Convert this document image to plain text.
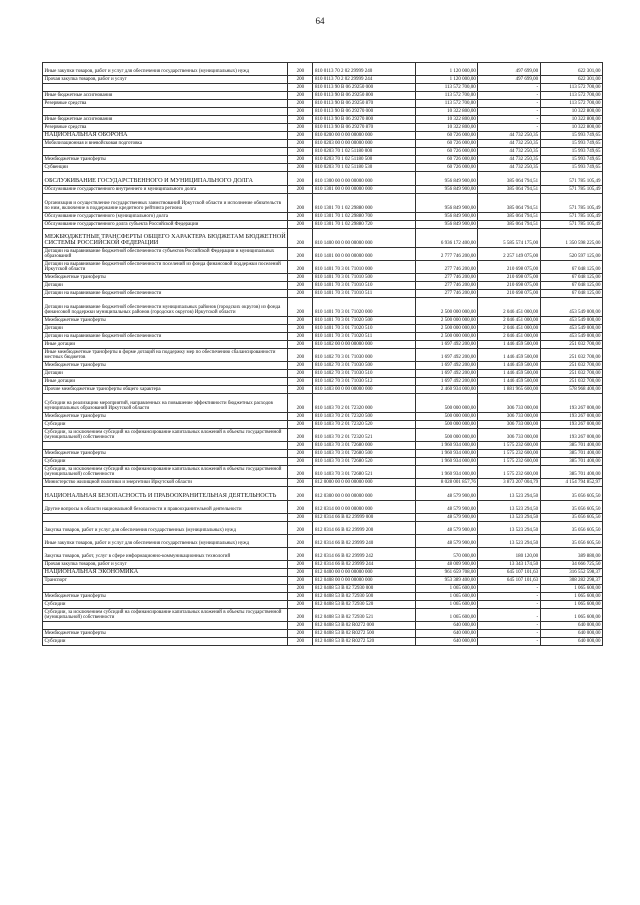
64
Иные закупки товаров, работ и услуг для обеспечения государственных (муниципальных) нужд	200	810 0113 70 2 02 29999 240	1 120 000,00	497 699,00	622 301,00
Прочая закупка товаров, работ и услуг	200	810 0113 70 2 02 29999 244	1 120 000,00	497 699,00	622 301,00
	200	810 0113 90 В 06 29250 000	113 572 700,00	-	113 572 700,00
Иные бюджетные ассигнования	200	810 0113 90 В 06 29250 800	113 572 700,00	-	113 572 700,00
Резервные средства	200	810 0113 90 В 06 29250 870	113 572 700,00	-	113 572 700,00
	200	810 0113 90 В 06 29270 000	10 322 800,00	-	10 322 800,00
Иные бюджетные ассигнования	200	810 0113 90 В 06 29270 800	10 322 800,00	-	10 322 800,00
Резервные средства	200	810 0113 90 В 06 29270 870	10 322 800,00	-	10 322 800,00
НАЦИОНАЛЬНАЯ ОБОРОНА	200	810 0200 00 0 00 00000 000	60 726 000,00	44 732 250,35	15 993 749,65
Мобилизационная и вневойсковая подготовка	200	810 0203 00 0 00 00000 000	60 726 000,00	44 732 250,35	15 993 749,65
	200	810 0203 70 1 02 51180 000	60 726 000,00	44 732 250,35	15 993 749,65
Межбюджетные трансферты	200	810 0203 70 1 02 51180 500	60 726 000,00	44 732 250,35	15 993 749,65
Субвенции	200	810 0203 70 1 02 51180 530	60 726 000,00	44 732 250,35	15 993 749,65
ОБСЛУЖИВАНИЕ ГОСУДАРСТВЕННОГО И МУНИЦИПАЛЬНОГО ДОЛГА	200	810 1300 00 0 00 00000 000	956 849 900,00	385 064 794,51	571 785 105,49
Обслуживание государственного внутреннего и муниципального долга	200	810 1301 00 0 00 00000 000	956 849 900,00	385 064 794,51	571 785 105,49
Организация и осуществление государственных заимствований Иркутской области и исполнение обязательств по ним, включение в поддержание кредитного рейтинга региона	200	810 1301 70 1 02 29880 000	956 849 900,00	385 064 794,51	571 785 105,49
Обслуживание государственного (муниципального) долга	200	810 1301 70 1 02 29880 700	956 849 900,00	385 064 794,51	571 785 105,49
Обслуживание государственного долга субъекта Российской Федерации	200	810 1301 70 1 02 29880 720	956 849 900,00	385 064 794,51	571 785 105,49
МЕЖБЮДЖЕТНЫЕ ТРАНСФЕРТЫ ОБЩЕГО ХАРАКТЕРА БЮДЖЕТАМ БЮДЖЕТНОЙ СИСТЕМЫ РОССИЙСКОЙ ФЕДЕРАЦИИ	200	810 1400 00 0 00 00000 000	6 936 172 400,00	5 585 574 175,00	1 350 598 225,00
Дотации на выравнивание бюджетной обеспеченности субъектов Российской Федерации и муниципальных образований	200	810 1401 00 0 00 00000 000	2 777 746 200,00	2 257 149 075,00	520 597 125,00
Дотации на выравнивание бюджетной обеспеченности поселений из фонда финансовой поддержки поселений Иркутской области	200	810 1401 70 3 01 71010 000	277 746 200,00	210 698 075,00	67 048 125,00
Межбюджетные трансферты	200	810 1401 70 3 01 71010 500	277 746 200,00	210 698 075,00	67 048 125,00
Дотации	200	810 1401 70 3 01 71010 510	277 746 200,00	210 698 075,00	67 048 125,00
Дотации на выравнивание бюджетной обеспеченности	200	810 1401 70 3 01 71010 511	277 746 200,00	210 698 075,00	67 048 125,00
Дотации на выравнивание бюджетной обеспеченности муниципальных районов (городских округов) из фонда финансовой поддержки муниципальных районов (городских округов) Иркутской области	200	810 1401 70 3 01 71020 000	2 500 000 000,00	2 046 451 000,00	453 549 000,00
Межбюджетные трансферты	200	810 1401 70 3 01 71020 500	2 500 000 000,00	2 046 451 000,00	453 549 000,00
Дотации	200	810 1401 70 3 01 71020 510	2 500 000 000,00	2 046 451 000,00	453 549 000,00
Дотации на выравнивание бюджетной обеспеченности	200	810 1401 70 3 01 71020 511	2 500 000 000,00	2 046 451 000,00	453 549 000,00
Иные дотации	200	810 1402 00 0 00 00000 000	1 697 492 200,00	1 446 459 500,00	251 032 700,00
Иные межбюджетные трансферты в форме дотаций на поддержку мер по обеспечению сбалансированности местных бюджетов	200	810 1402 70 3 01 71030 000	1 697 492 200,00	1 446 459 500,00	251 032 700,00
Межбюджетные трансферты	200	810 1402 70 3 01 71030 500	1 697 492 200,00	1 446 459 500,00	251 032 700,00
Дотации	200	810 1402 70 3 01 71030 510	1 697 492 200,00	1 446 459 500,00	251 032 700,00
Иные дотации	200	810 1402 70 3 01 71030 512	1 697 492 200,00	1 446 459 500,00	251 032 700,00
Прочие межбюджетные трансферты общего характера	200	810 1403 00 0 00 00000 000	2 460 934 000,00	1 881 965 600,00	578 968 400,00
Субсидии на реализацию мероприятий, направленных на повышение эффективности бюджетных расходов муниципальных образований Иркутской области	200	810 1403 70 2 01 72320 000	500 000 000,00	306 733 000,00	193 267 000,00
Межбюджетные трансферты	200	810 1403 70 2 01 72320 500	500 000 000,00	306 733 000,00	193 267 000,00
Субсидии	200	810 1403 70 2 01 72320 520	500 000 000,00	306 733 000,00	193 267 000,00
Субсидии, за исключением субсидий на софинансирование капитальных вложений в объекты государственной (муниципальной) собственности	200	810 1403 70 2 01 72320 521	500 000 000,00	306 733 000,00	193 267 000,00
	200	810 1403 70 3 01 72680 000	1 960 934 000,00	1 575 232 600,00	385 701 400,00
Межбюджетные трансферты	200	810 1403 70 3 01 72680 500	1 960 934 000,00	1 575 232 600,00	385 701 400,00
Субсидии	200	810 1403 70 3 01 72680 520	1 960 934 000,00	1 575 232 600,00	385 701 400,00
Субсидии, за исключением субсидий на софинансирование капитальных вложений в объекты государственной (муниципальной) собственности	200	810 1403 70 3 01 72680 521	1 960 934 000,00	1 575 232 600,00	385 701 400,00
Министерство жилищной политики и энергетики Иркутской области	200	812 0000 00 0 00 00000 000	8 028 001 857,76	3 873 207 004,79	4 154 794 852,97
НАЦИОНАЛЬНАЯ БЕЗОПАСНОСТЬ И ПРАВООХРАНИТЕЛЬНАЯ ДЕЯТЕЛЬНОСТЬ	200	812 0300 00 0 00 00000 000	48 579 900,00	13 523 294,50	35 056 605,50
Другие вопросы в области национальной безопасности и правоохранительной деятельности	200	812 0314 00 0 00 00000 000	48 579 900,00	13 523 294,50	35 056 605,50
	200	812 0314 66 В 02 29999 000	48 579 900,00	13 523 294,50	35 056 605,50
Закупка товаров, работ и услуг для обеспечения государственных (муниципальных) нужд	200	812 0314 66 В 02 29999 200	48 579 900,00	13 523 294,50	35 056 605,50
Иные закупки товаров, работ и услуг для обеспечения государственных (муниципальных) нужд	200	812 0314 66 В 02 29999 240	48 579 900,00	13 523 294,50	35 056 605,50
Закупка товаров, работ, услуг в сфере информационно-коммуникационных технологий	200	812 0314 66 В 02 29999 242	570 000,00	180 120,00	389 880,00
Прочая закупка товаров, работ и услуг	200	812 0314 66 В 02 29999 244	48 009 900,00	13 343 174,50	34 666 725,50
НАЦИОНАЛЬНАЯ ЭКОНОМИКА	200	812 0400 00 0 00 00000 000	961 659 708,00	645 107 101,63	316 552 598,37
Транспорт	200	812 0408 00 0 00 00000 000	953 389 400,00	645 107 101,63	308 282 298,37
	200	812 0408 53 В 02 72930 000	1 065 600,00	-	1 065 600,00
Межбюджетные трансферты	200	812 0408 53 В 02 72930 500	1 065 600,00	-	1 065 600,00
Субсидии	200	812 0408 53 В 02 72930 520	1 065 600,00	-	1 065 600,00
Субсидии, за исключением субсидий на софинансирование капитальных вложений в объекты государственной (муниципальной) собственности	200	812 0408 53 В 02 72930 521	1 065 600,00	-	1 065 600,00
	200	812 0408 53 В 02 R0272 000	640 000,00	-	640 000,00
Межбюджетные трансферты	200	812 0408 53 В 02 R0272 500	640 000,00	-	640 000,00
Субсидии	200	812 0408 53 В 02 R0272 520	640 000,00	-	640 000,00
